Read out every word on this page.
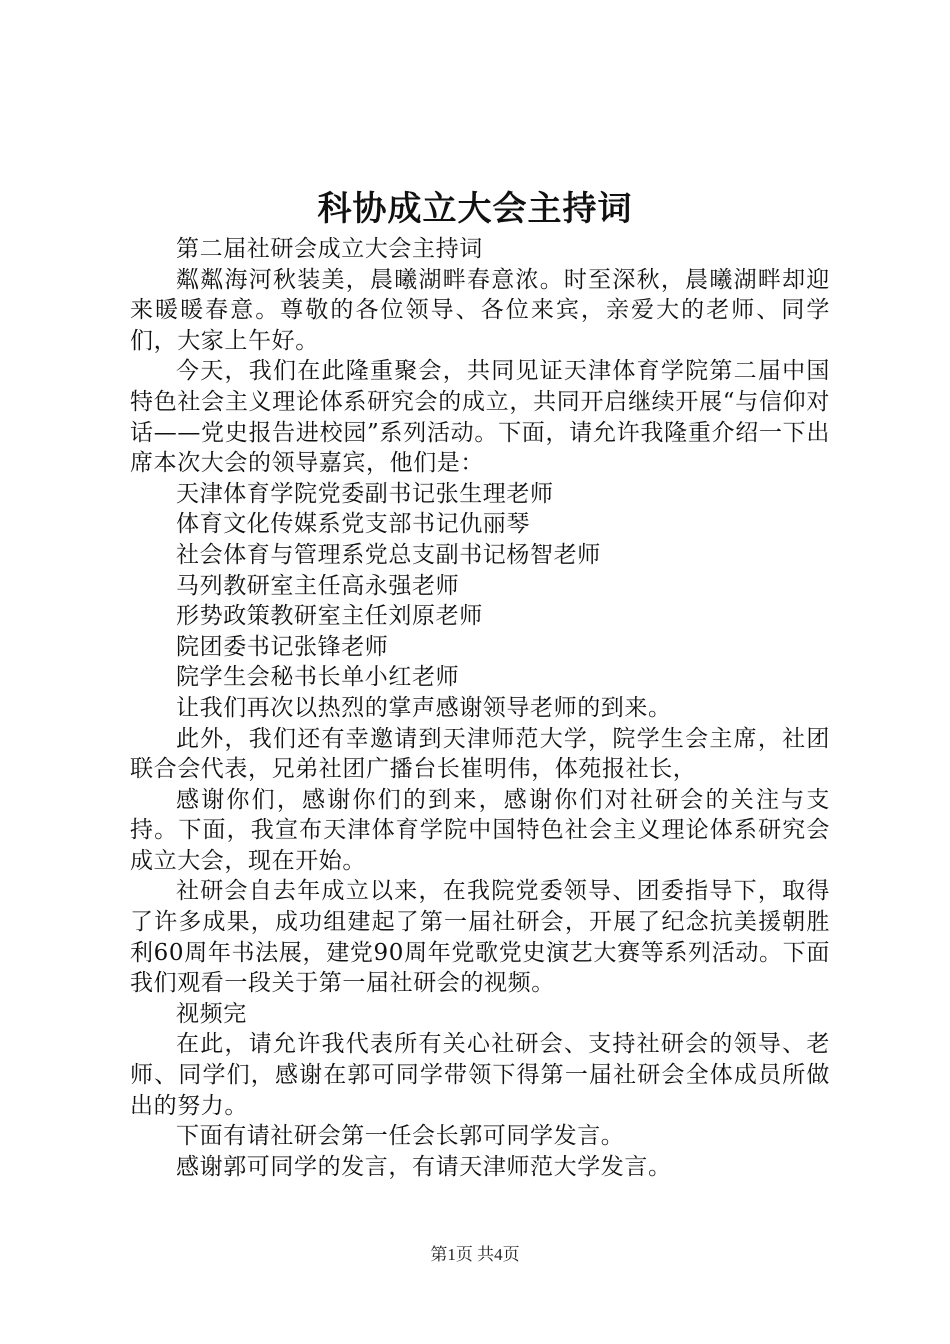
科协成立大会主持词

第二届社研会成立大会主持词

粼粼海河秋装美，晨曦湖畔春意浓。时至深秋，晨曦湖畔却迎来暖暖春意。尊敬的各位领导、各位来宾，亲爱大的老师、同学们，大家上午好。

今天，我们在此隆重聚会，共同见证天津体育学院第二届中国特色社会主义理论体系研究会的成立，共同开启继续开展“与信仰对话——党史报告进校园”系列活动。下面，请允许我隆重介绍一下出席本次大会的领导嘉宾，他们是：

天津体育学院党委副书记张生理老师

体育文化传媒系党支部书记仇丽琴

社会体育与管理系党总支副书记杨智老师

马列教研室主任高永强老师

形势政策教研室主任刘原老师

院团委书记张锋老师

院学生会秘书长单小红老师

让我们再次以热烈的掌声感谢领导老师的到来。

此外，我们还有幸邀请到天津师范大学，院学生会主席，社团联合会代表，兄弟社团广播台长崔明伟，体苑报社长，

感谢你们，感谢你们的到来，感谢你们对社研会的关注与支持。下面，我宣布天津体育学院中国特色社会主义理论体系研究会成立大会，现在开始。

社研会自去年成立以来，在我院党委领导、团委指导下，取得了许多成果，成功组建起了第一届社研会，开展了纪念抗美援朝胜利60周年书法展，建党90周年党歌党史演艺大赛等系列活动。下面我们观看一段关于第一届社研会的视频。

视频完

在此，请允许我代表所有关心社研会、支持社研会的领导、老师、同学们，感谢在郭可同学带领下得第一届社研会全体成员所做出的努力。

下面有请社研会第一任会长郭可同学发言。

感谢郭可同学的发言，有请天津师范大学发言。

第1页 共4页
